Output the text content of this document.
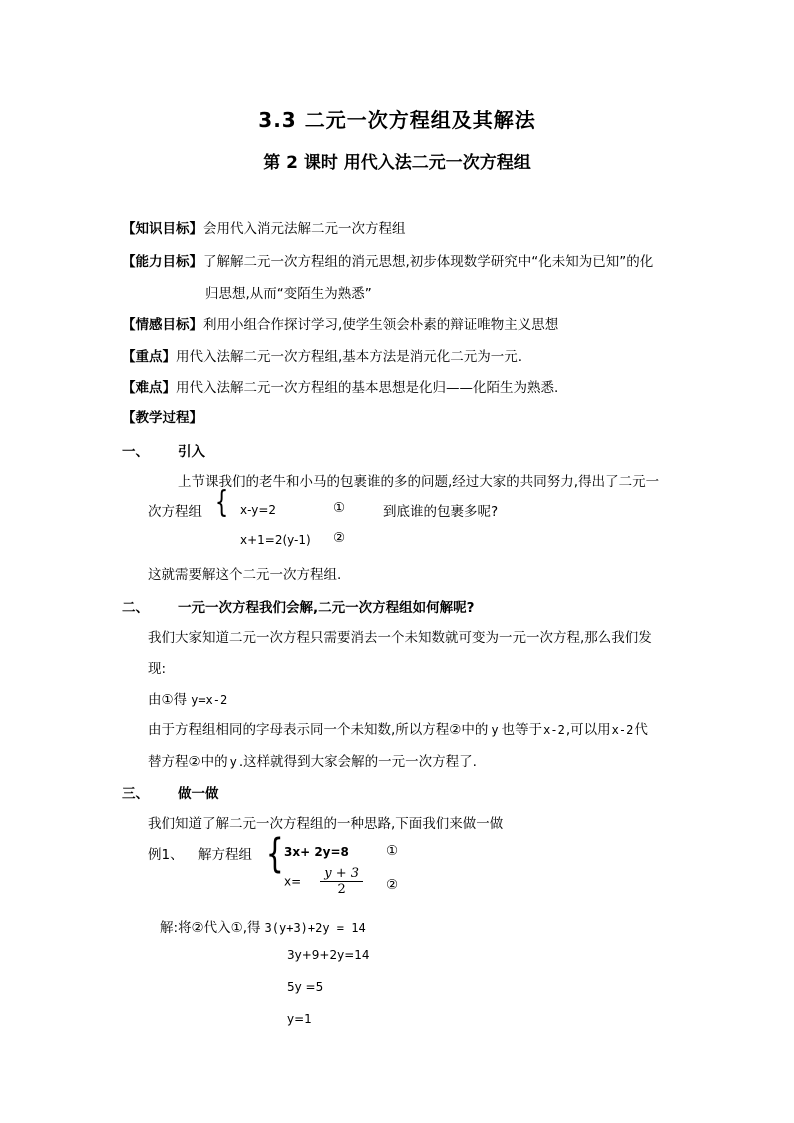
3.3 二元一次方程组及其解法
第 2 课时 用代入法二元一次方程组
【知识目标】会用代入消元法解二元一次方程组
【能力目标】了解解二元一次方程组的消元思想,初步体现数学研究中“化未知为已知”的化
归思想,从而“变陌生为熟悉”
【情感目标】利用小组合作探讨学习,使学生领会朴素的辩证唯物主义思想
【重点】用代入法解二元一次方程组,基本方法是消元化二元为一元.
【难点】用代入法解二元一次方程组的基本思想是化归——化陌生为熟悉.
【教学过程】
一、 引入
上节课我们的老牛和小马的包裹谁的多的问题,经过大家的共同努力,得出了二元一
次方程组 { x-y=2	①	到底谁的包裹多呢?
x+1=2(y-1) ②
这就需要解这个二元一次方程组.
二、 一元一次方程我们会解,二元一次方程组如何解呢?
我们大家知道二元一次方程只需要消去一个未知数就可变为一元一次方程,那么我们发
现:
由①得 y=x-2
由于方程组相同的字母表示同一个未知数,所以方程②中的 y 也等于x-2,可以用x-2代
替方程②中的 y .这样就得到大家会解的一元一次方程了.
三、 做一做
我们知道了解二元一次方程组的一种思路,下面我们来做一做
例1、 解方程组 { 3x+ 2y=8	①
$x= \frac{y + 3}{2}$ ②
解:将②代入①,得 3(y+3)+2y = 14
3y+9+2y=14
5y =5
y=1
